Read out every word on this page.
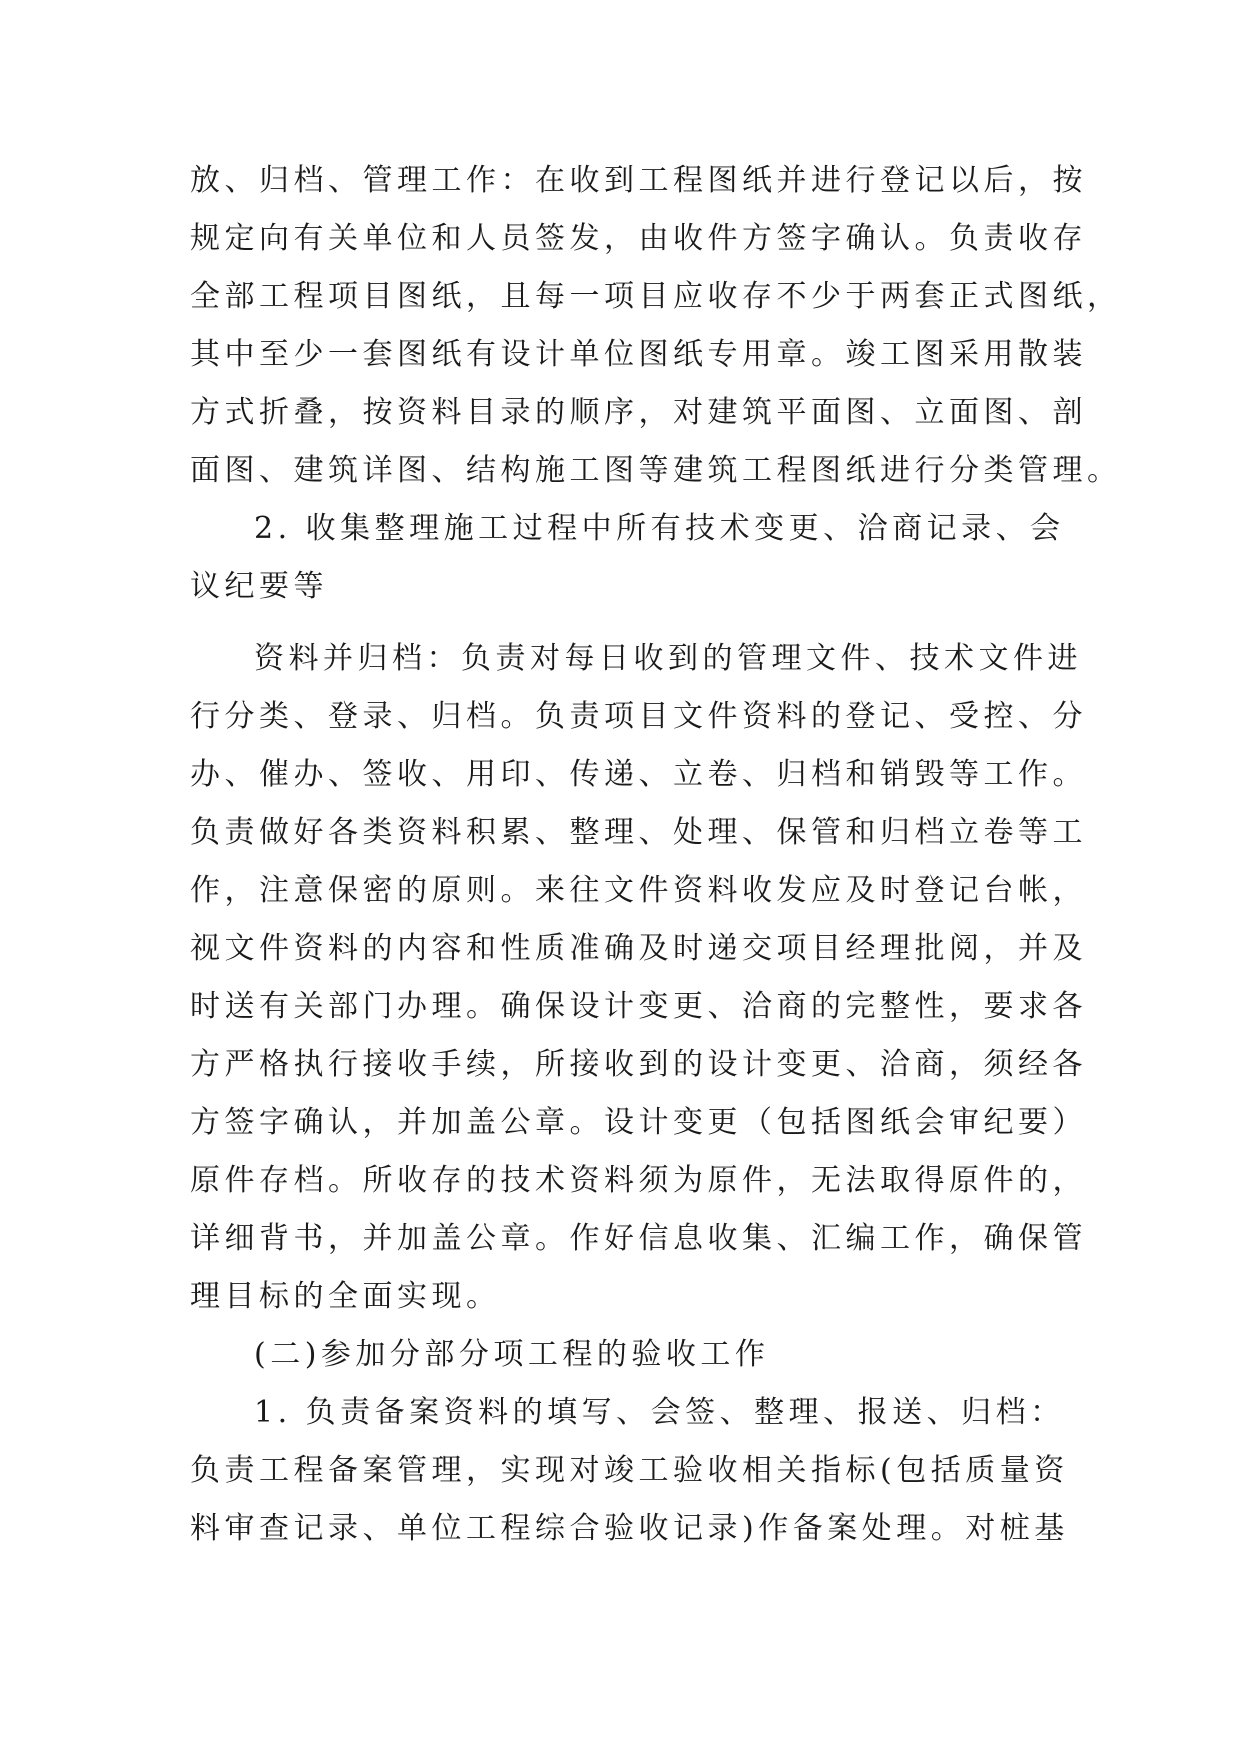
放、归档、管理工作：在收到工程图纸并进行登记以后，按
规定向有关单位和人员签发，由收件方签字确认。负责收存
全部工程项目图纸，且每一项目应收存不少于两套正式图纸，
其中至少一套图纸有设计单位图纸专用章。竣工图采用散装
方式折叠，按资料目录的顺序，对建筑平面图、立面图、剖
面图、建筑详图、结构施工图等建筑工程图纸进行分类管理。
2. 收集整理施工过程中所有技术变更、洽商记录、会
议纪要等
资料并归档：负责对每日收到的管理文件、技术文件进
行分类、登录、归档。负责项目文件资料的登记、受控、分
办、催办、签收、用印、传递、立卷、归档和销毁等工作。
负责做好各类资料积累、整理、处理、保管和归档立卷等工
作，注意保密的原则。来往文件资料收发应及时登记台帐，
视文件资料的内容和性质准确及时递交项目经理批阅，并及
时送有关部门办理。确保设计变更、洽商的完整性，要求各
方严格执行接收手续，所接收到的设计变更、洽商，须经各
方签字确认，并加盖公章。设计变更（包括图纸会审纪要）
原件存档。所收存的技术资料须为原件，无法取得原件的，
详细背书，并加盖公章。作好信息收集、汇编工作，确保管
理目标的全面实现。
(二)参加分部分项工程的验收工作
1. 负责备案资料的填写、会签、整理、报送、归档：
负责工程备案管理，实现对竣工验收相关指标(包括质量资
料审查记录、单位工程综合验收记录)作备案处理。对桩基
